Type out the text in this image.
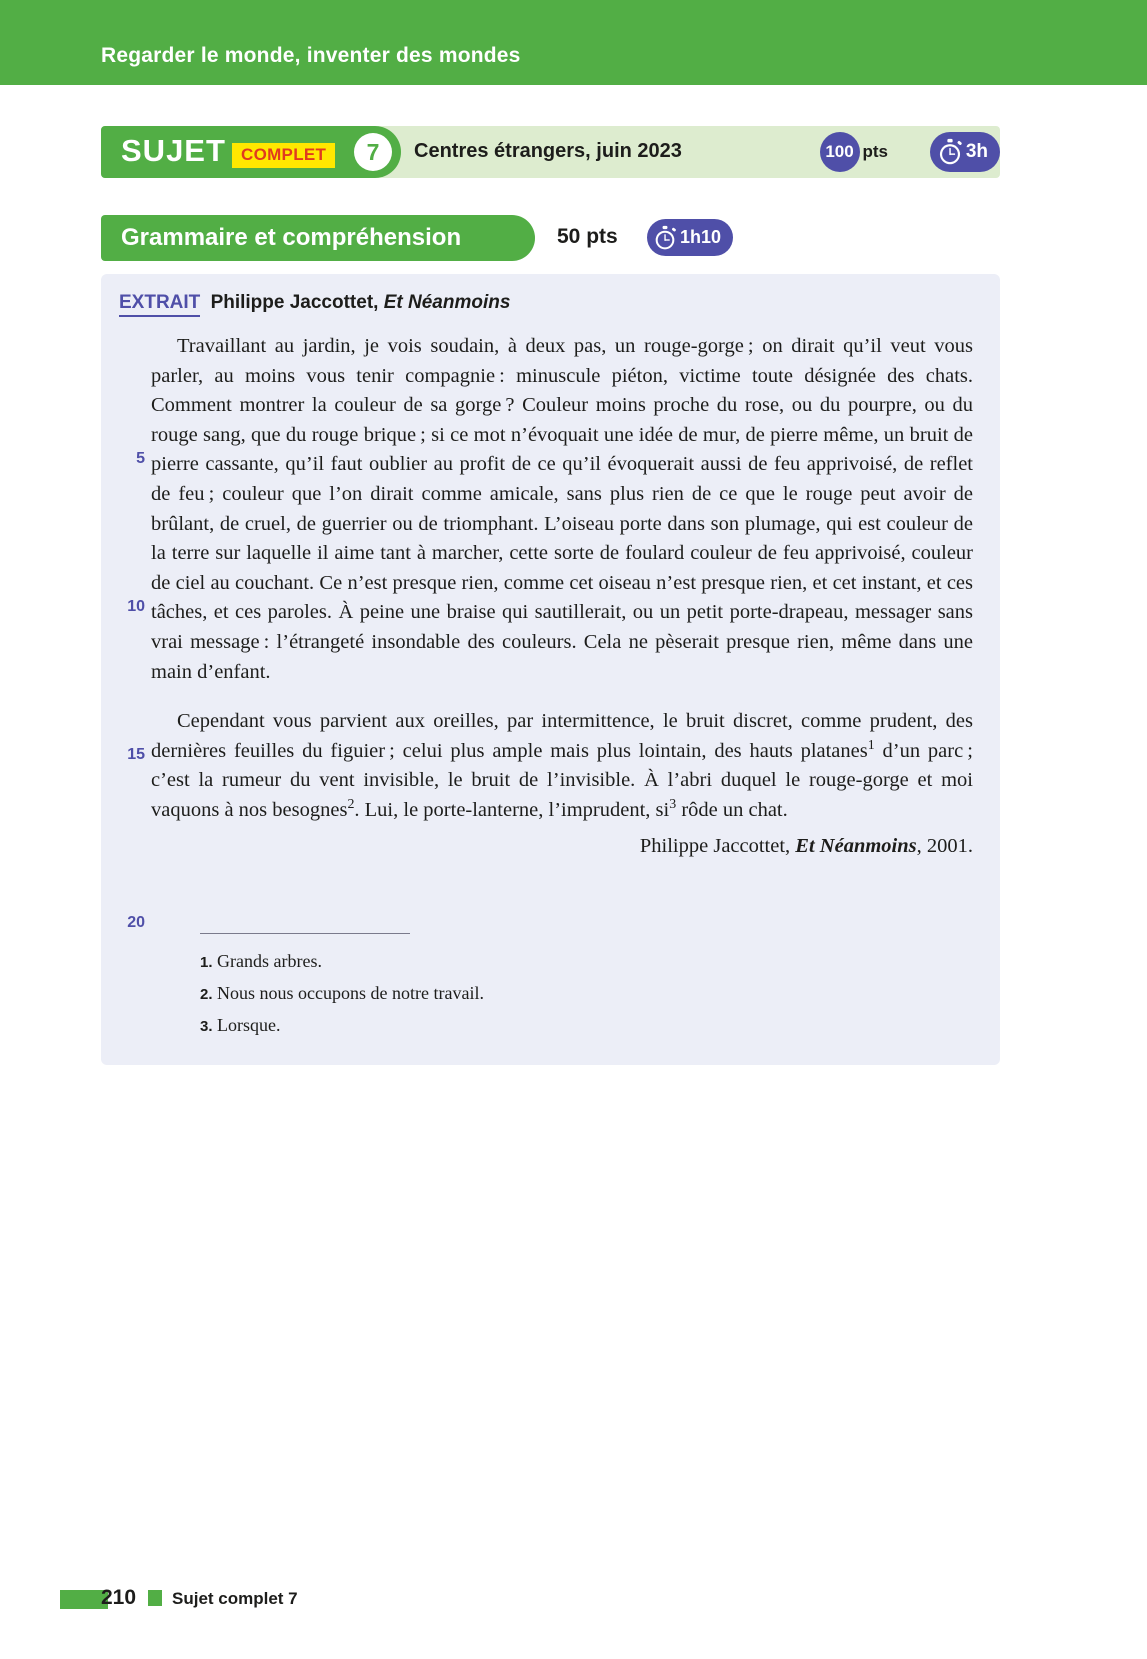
Regarder le monde, inventer des mondes
SUJET COMPLET	7	Centres étrangers, juin 2023	100 pts	3h
Grammaire et compréhension	50 pts	1h10
EXTRAIT Philippe Jaccottet, Et Néanmoins
5
10
15
20

Travaillant au jardin, je vois soudain, à deux pas, un rouge-gorge ; on dirait qu’il veut vous parler, au moins vous tenir compagnie : minuscule piéton, victime toute désignée des chats. Comment montrer la couleur de sa gorge ? Couleur moins proche du rose, ou du pourpre, ou du rouge sang, que du rouge brique ; si ce mot n’évoquait une idée de mur, de pierre même, un bruit de pierre cassante, qu’il faut oublier au profit de ce qu’il évoquerait aussi de feu apprivoisé, de reflet de feu ; couleur que l’on dirait comme amicale, sans plus rien de ce que le rouge peut avoir de brûlant, de cruel, de guerrier ou de triomphant. L’oiseau porte dans son plumage, qui est couleur de la terre sur laquelle il aime tant à marcher, cette sorte de foulard couleur de feu apprivoisé, couleur de ciel au couchant. Ce n’est presque rien, comme cet oiseau n’est presque rien, et cet instant, et ces tâches, et ces paroles. À peine une braise qui sautillerait, ou un petit porte-drapeau, messager sans vrai message : l’étrangeté insondable des couleurs. Cela ne pèserait presque rien, même dans une main d’enfant.

Cependant vous parvient aux oreilles, par intermittence, le bruit discret, comme prudent, des dernières feuilles du figuier ; celui plus ample mais plus lointain, des hauts platanes$^1$ d’un parc ; c’est la rumeur du vent invisible, le bruit de l’invisible. À l’abri duquel le rouge-gorge et moi vaquons à nos besognes$^2$. Lui, le porte-lanterne, l’imprudent, $si^3$ rôde un chat.

Philippe Jaccottet, Et Néanmoins, 2001.
1. Grands arbres.
2. Nous nous occupons de notre travail.
3. Lorsque.
210 Sujet complet 7
